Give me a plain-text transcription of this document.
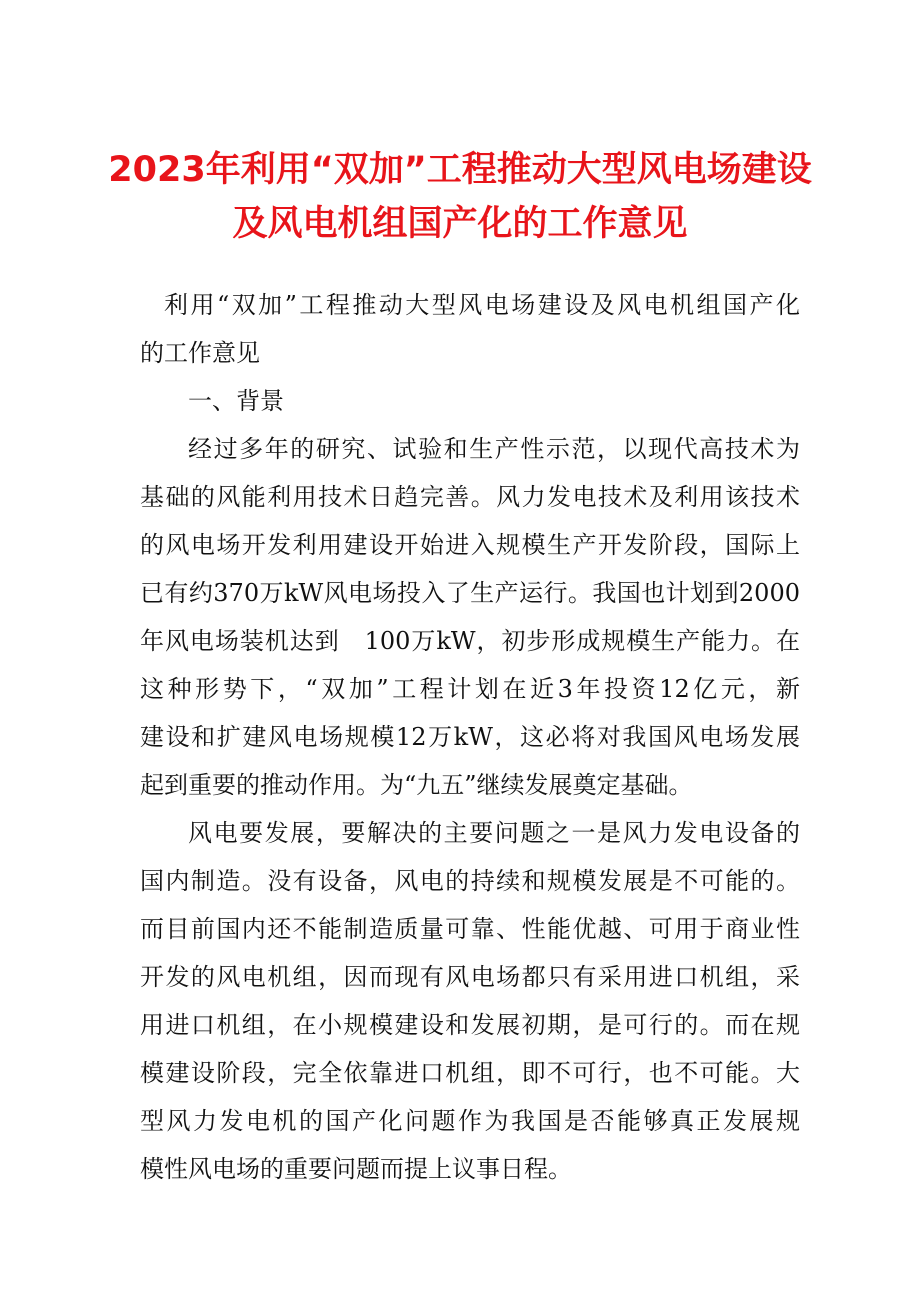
2023年利用“双加”工程推动大型风电场建设
及风电机组国产化的工作意见
利用“双加”工程推动大型风电场建设及风电机组国产化
的工作意见
一、背景
经过多年的研究、试验和生产性示范，以现代高技术为
基础的风能利用技术日趋完善。风力发电技术及利用该技术
的风电场开发利用建设开始进入规模生产开发阶段，国际上
已有约370万kW风电场投入了生产运行。我国也计划到2000
年风电场装机达到　100万kW，初步形成规模生产能力。在
这种形势下，“双加”工程计划在近3年投资12亿元，新
建设和扩建风电场规模12万kW，这必将对我国风电场发展
起到重要的推动作用。为“九五”继续发展奠定基础。
风电要发展，要解决的主要问题之一是风力发电设备的
国内制造。没有设备，风电的持续和规模发展是不可能的。
而目前国内还不能制造质量可靠、性能优越、可用于商业性
开发的风电机组，因而现有风电场都只有采用进口机组，采
用进口机组，在小规模建设和发展初期，是可行的。而在规
模建设阶段，完全依靠进口机组，即不可行，也不可能。大
型风力发电机的国产化问题作为我国是否能够真正发展规
模性风电场的重要问题而提上议事日程。
